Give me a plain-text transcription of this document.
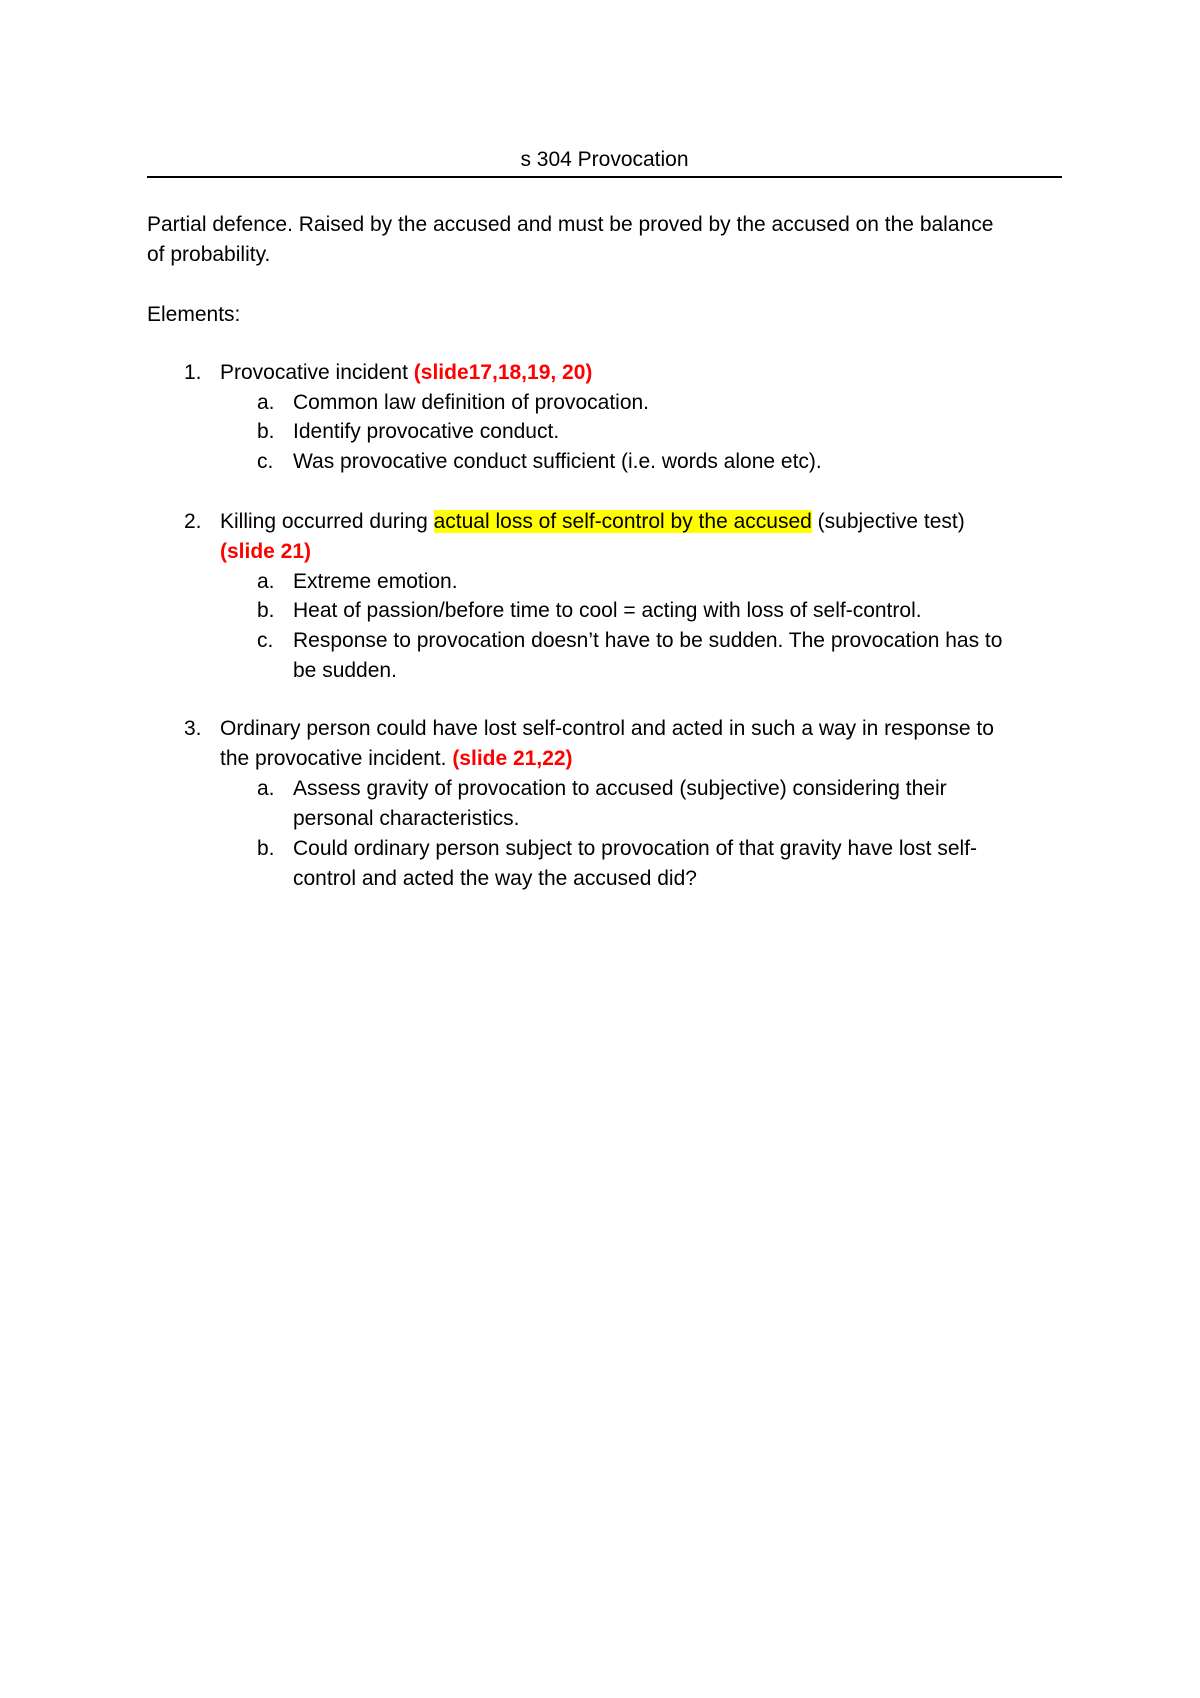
s 304 Provocation
Partial defence. Raised by the accused and must be proved by the accused on the balance
of probability.
Elements:
1. Provocative incident (slide17,18,19, 20)
a. Common law definition of provocation.
b. Identify provocative conduct.
c. Was provocative conduct sufficient (i.e. words alone etc).
2. Killing occurred during actual loss of self-control by the accused (subjective test)
(slide 21)
a. Extreme emotion.
b. Heat of passion/before time to cool = acting with loss of self-control.
c. Response to provocation doesn’t have to be sudden. The provocation has to
be sudden.
3. Ordinary person could have lost self-control and acted in such a way in response to
the provocative incident. (slide 21,22)
a. Assess gravity of provocation to accused (subjective) considering their
personal characteristics.
b. Could ordinary person subject to provocation of that gravity have lost self-
control and acted the way the accused did?
